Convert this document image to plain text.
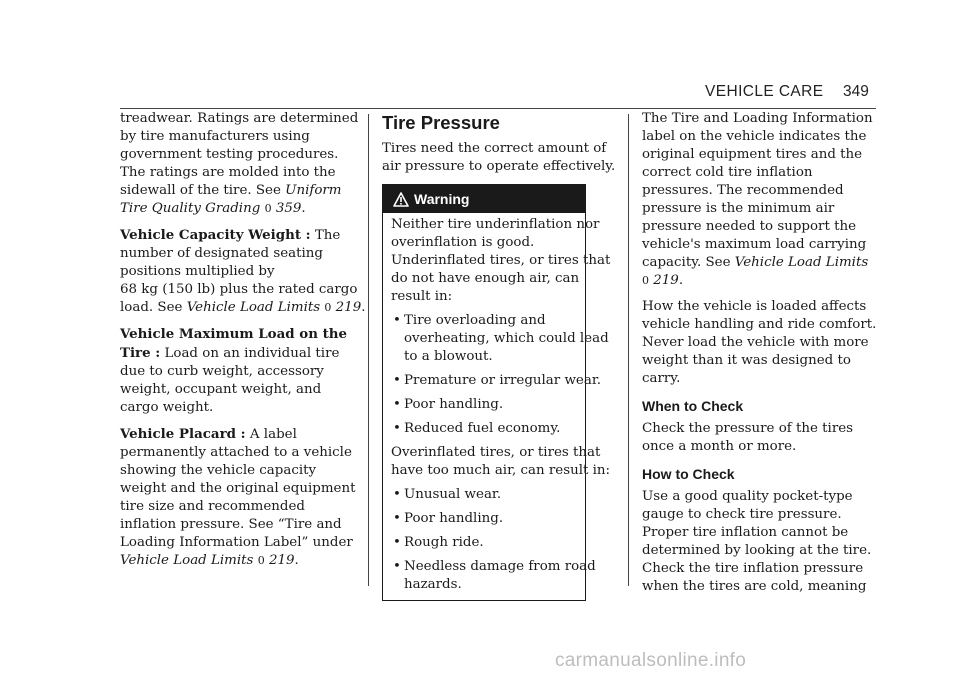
VEHICLE CARE 349

treadwear. Ratings are determined
by tire manufacturers using
government testing procedures.
The ratings are molded into the
sidewall of the tire. See Uniform
Tire Quality Grading 0 359.

Vehicle Capacity Weight : The
number of designated seating
positions multiplied by
68 kg (150 lb) plus the rated cargo
load. See Vehicle Load Limits 0 219.

Vehicle Maximum Load on the
Tire : Load on an individual tire
due to curb weight, accessory
weight, occupant weight, and
cargo weight.

Vehicle Placard : A label
permanently attached to a vehicle
showing the vehicle capacity
weight and the original equipment
tire size and recommended
inflation pressure. See “Tire and
Loading Information Label” under
Vehicle Load Limits 0 219.

Tire Pressure

Tires need the correct amount of
air pressure to operate effectively.

Warning

Neither tire underinflation nor
overinflation is good.
Underinflated tires, or tires that
do not have enough air, can
result in:

• Tire overloading and
overheating, which could lead
to a blowout.
• Premature or irregular wear.
• Poor handling.
• Reduced fuel economy.

Overinflated tires, or tires that
have too much air, can result in:

• Unusual wear.
• Poor handling.
• Rough ride.
• Needless damage from road
hazards.

The Tire and Loading Information
label on the vehicle indicates the
original equipment tires and the
correct cold tire inflation
pressures. The recommended
pressure is the minimum air
pressure needed to support the
vehicle's maximum load carrying
capacity. See Vehicle Load Limits
0 219.

How the vehicle is loaded affects
vehicle handling and ride comfort.
Never load the vehicle with more
weight than it was designed to
carry.

When to Check

Check the pressure of the tires
once a month or more.

How to Check

Use a good quality pocket-type
gauge to check tire pressure.
Proper tire inflation cannot be
determined by looking at the tire.
Check the tire inflation pressure
when the tires are cold, meaning

carmanualsonline.info
